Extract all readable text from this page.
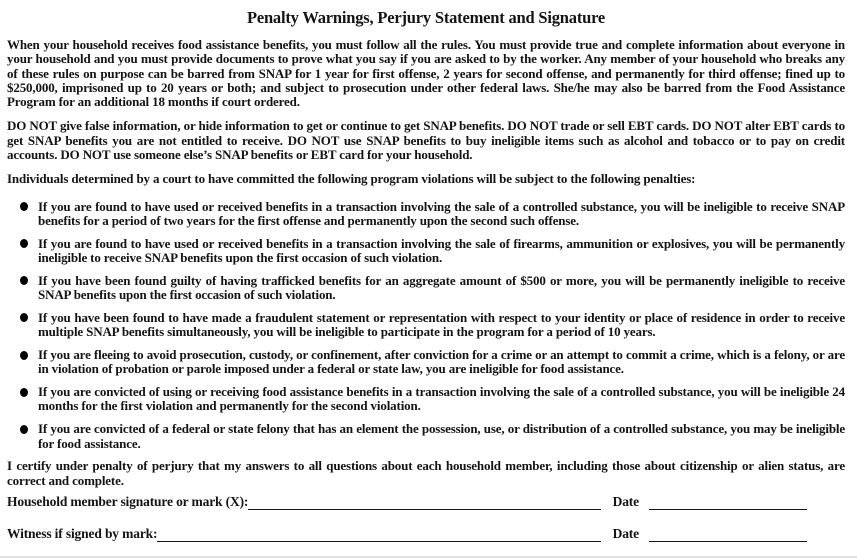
Penalty Warnings, Perjury Statement and Signature

When your household receives food assistance benefits, you must follow all the rules. You must provide true and complete information about everyone in your household and you must provide documents to prove what you say if you are asked to by the worker. Any member of your household who breaks any of these rules on purpose can be barred from SNAP for 1 year for first offense, 2 years for second offense, and permanently for third offense; fined up to $250,000, imprisoned up to 20 years or both; and subject to prosecution under other federal laws. She/he may also be barred from the Food Assistance Program for an additional 18 months if court ordered.

DO NOT give false information, or hide information to get or continue to get SNAP benefits. DO NOT trade or sell EBT cards. DO NOT alter EBT cards to get SNAP benefits you are not entitled to receive. DO NOT use SNAP benefits to buy ineligible items such as alcohol and tobacco or to pay on credit accounts. DO NOT use someone else’s SNAP benefits or EBT card for your household.

Individuals determined by a court to have committed the following program violations will be subject to the following penalties:

If you are found to have used or received benefits in a transaction involving the sale of a controlled substance, you will be ineligible to receive SNAP benefits for a period of two years for the first offense and permanently upon the second such offense.
If you are found to have used or received benefits in a transaction involving the sale of firearms, ammunition or explosives, you will be permanently ineligible to receive SNAP benefits upon the first occasion of such violation.
If you have been found guilty of having trafficked benefits for an aggregate amount of $500 or more, you will be permanently ineligible to receive SNAP benefits upon the first occasion of such violation.
If you have been found to have made a fraudulent statement or representation with respect to your identity or place of residence in order to receive multiple SNAP benefits simultaneously, you will be ineligible to participate in the program for a period of 10 years.
If you are fleeing to avoid prosecution, custody, or confinement, after conviction for a crime or an attempt to commit a crime, which is a felony, or are in violation of probation or parole imposed under a federal or state law, you are ineligible for food assistance.
If you are convicted of using or receiving food assistance benefits in a transaction involving the sale of a controlled substance, you will be ineligible 24 months for the first violation and permanently for the second violation.
If you are convicted of a federal or state felony that has an element the possession, use, or distribution of a controlled substance, you may be ineligible for food assistance.

I certify under penalty of perjury that my answers to all questions about each household member, including those about citizenship or alien status, are correct and complete.

Household member signature or mark (X):	Date
Witness if signed by mark:	Date
